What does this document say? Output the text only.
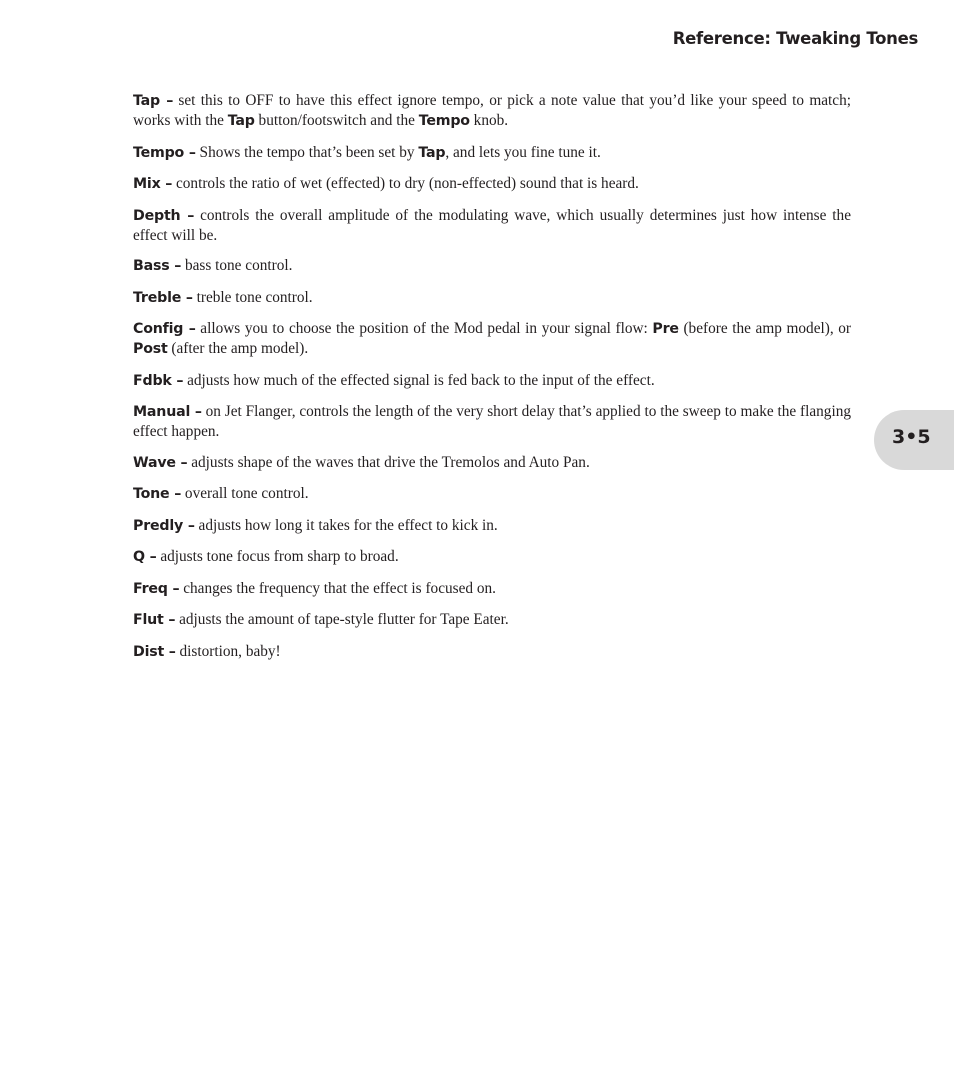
Reference: Tweaking Tones
3•5

Tap – set this to OFF to have this effect ignore tempo, or pick a note value that you’d like your speed to match; works with the Tap button/footswitch and the Tempo knob.

Tempo – Shows the tempo that’s been set by Tap, and lets you fine tune it.

Mix – controls the ratio of wet (effected) to dry (non-effected) sound that is heard.

Depth – controls the overall amplitude of the modulating wave, which usually determines just how intense the effect will be.

Bass – bass tone control.

Treble – treble tone control.

Config – allows you to choose the position of the Mod pedal in your signal flow: Pre (before the amp model), or Post (after the amp model).

Fdbk – adjusts how much of the effected signal is fed back to the input of the effect.

Manual – on Jet Flanger, controls the length of the very short delay that’s applied to the sweep to make the flanging effect happen.

Wave – adjusts shape of the waves that drive the Tremolos and Auto Pan.

Tone – overall tone control.

Predly – adjusts how long it takes for the effect to kick in.

Q – adjusts tone focus from sharp to broad.

Freq – changes the frequency that the effect is focused on.

Flut – adjusts the amount of tape-style flutter for Tape Eater.

Dist – distortion, baby!
